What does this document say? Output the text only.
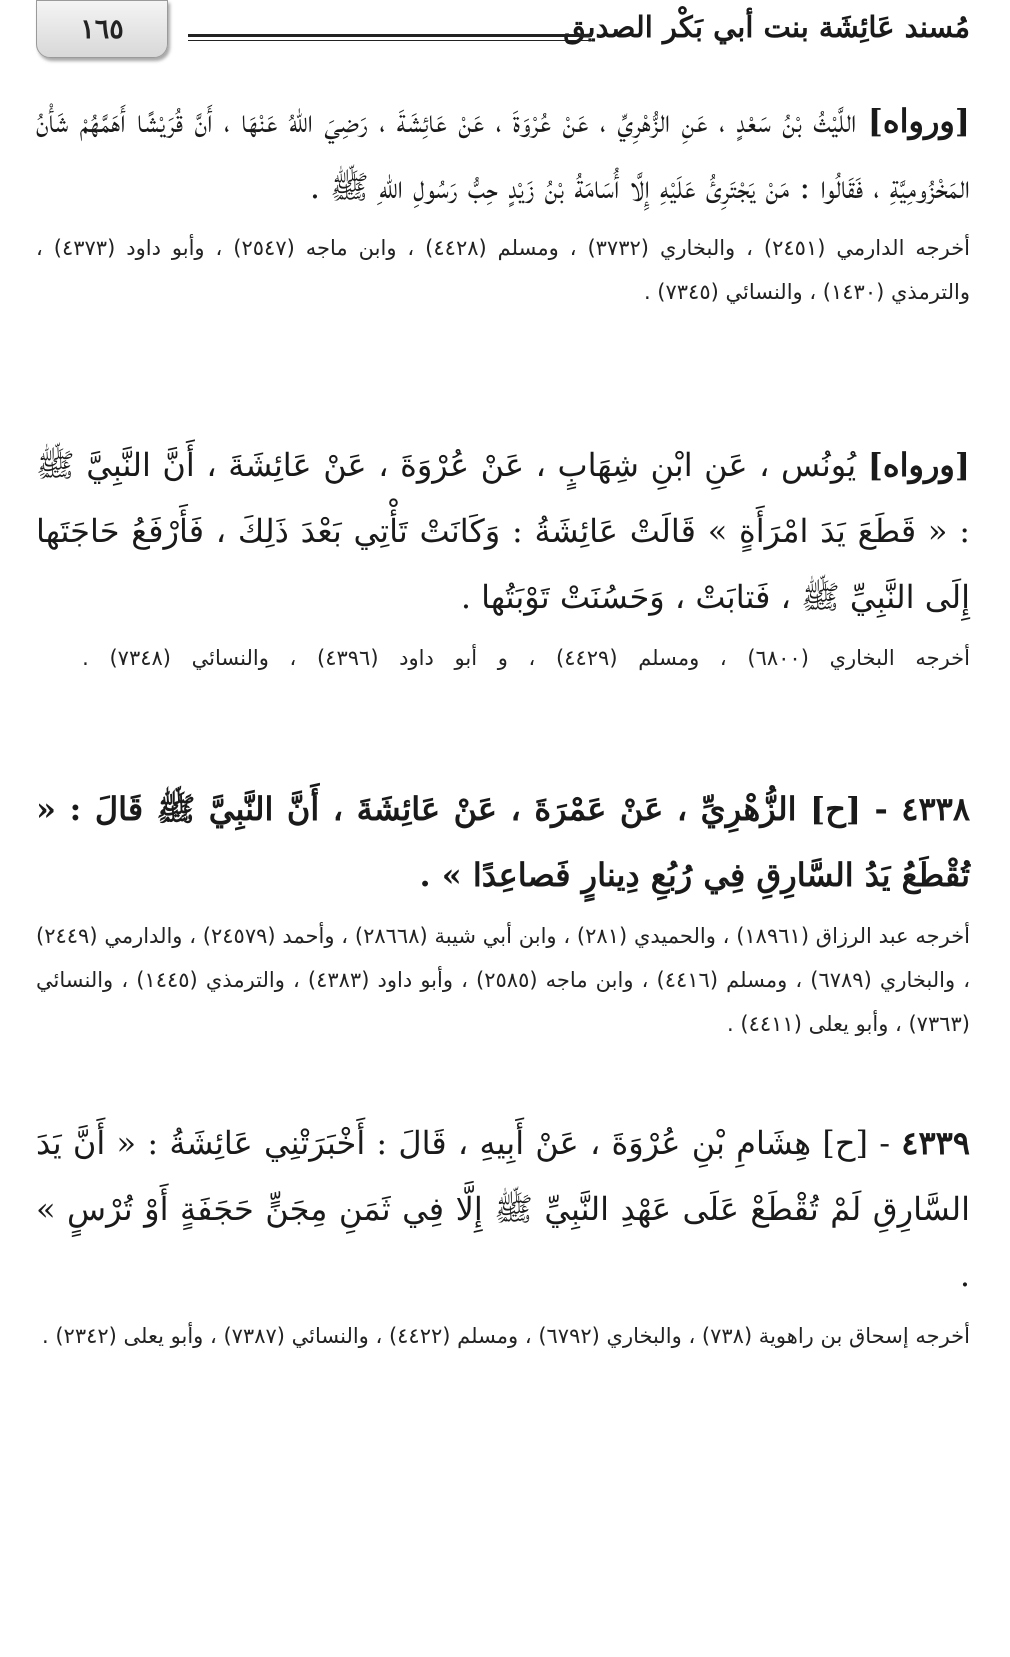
مُسند عَائِشَة بنت أبي بَكْر الصديق
١٦٥
[ورواه] اللَّيْثُ بْنُ سَعْدٍ ، عَنِ الزُّهْرِيِّ ، عَنْ عُرْوَةَ ، عَنْ عَائِشَةَ ، رَضِيَ اللهُ عَنْهَا ، أَنَّ قُرَيْشًا أَهَمَّهُمْ شَأْنُ المَخْزُومِيَّةِ ، فَقَالُوا : مَنْ يَجْتَرِئُ عَلَيْهِ إِلَّا أُسَامَةُ بْنُ زَيْدٍ حِبُّ رَسُولِ اللهِ ﷺ .
أخرجه الدارمي (٢٤٥١) ، والبخاري (٣٧٣٢) ، ومسلم (٤٤٢٨) ، وابن ماجه (٢٥٤٧) ، وأبو داود (٤٣٧٣) ، والترمذي (١٤٣٠) ، والنسائي (٧٣٤٥) .
[ورواه] يُونُس ، عَنِ ابْنِ شِهَابٍ ، عَنْ عُرْوَةَ ، عَنْ عَائِشَةَ ، أَنَّ النَّبِيَّ ﷺ : « قَطَعَ يَدَ امْرَأَةٍ » قَالَتْ عَائِشَةُ : وَكَانَتْ تَأْتِي بَعْدَ ذَلِكَ ، فَأَرْفَعُ حَاجَتَها إِلَى النَّبِيِّ ﷺ ، فَتابَتْ ، وَحَسُنَتْ تَوْبَتُها .
أخرجه البخاري (٦٨٠٠) ، ومسلم (٤٤٢٩) ، و أبو داود (٤٣٩٦) ، والنسائي (٧٣٤٨) .
٤٣٣٨ - [ح] الزُّهْرِيِّ ، عَنْ عَمْرَةَ ، عَنْ عَائِشَةَ ، أَنَّ النَّبِيَّ ﷺ قَالَ : « تُقْطَعُ يَدُ السَّارِقِ فِي رُبُعِ دِينارٍ فَصاعِدًا » .
أخرجه عبد الرزاق (١٨٩٦١) ، والحميدي (٢٨١) ، وابن أبي شيبة (٢٨٦٦٨) ، وأحمد (٢٤٥٧٩) ، والدارمي (٢٤٤٩) ، والبخاري (٦٧٨٩) ، ومسلم (٤٤١٦) ، وابن ماجه (٢٥٨٥) ، وأبو داود (٤٣٨٣) ، والترمذي (١٤٤٥) ، والنسائي (٧٣٦٣) ، وأبو يعلى (٤٤١١) .
٤٣٣٩ - [ح] هِشَامِ بْنِ عُرْوَةَ ، عَنْ أَبِيهِ ، قَالَ : أَخْبَرَتْنِي عَائِشَةُ : « أَنَّ يَدَ السَّارِقِ لَمْ تُقْطَعْ عَلَى عَهْدِ النَّبِيِّ ﷺ إِلَّا فِي ثَمَنِ مِجَنٍّ حَجَفَةٍ أَوْ تُرْسٍ » .
أخرجه إسحاق بن راهوية (٧٣٨) ، والبخاري (٦٧٩٢) ، ومسلم (٤٤٢٢) ، والنسائي (٧٣٨٧) ، وأبو يعلى (٢٣٤٢) .
